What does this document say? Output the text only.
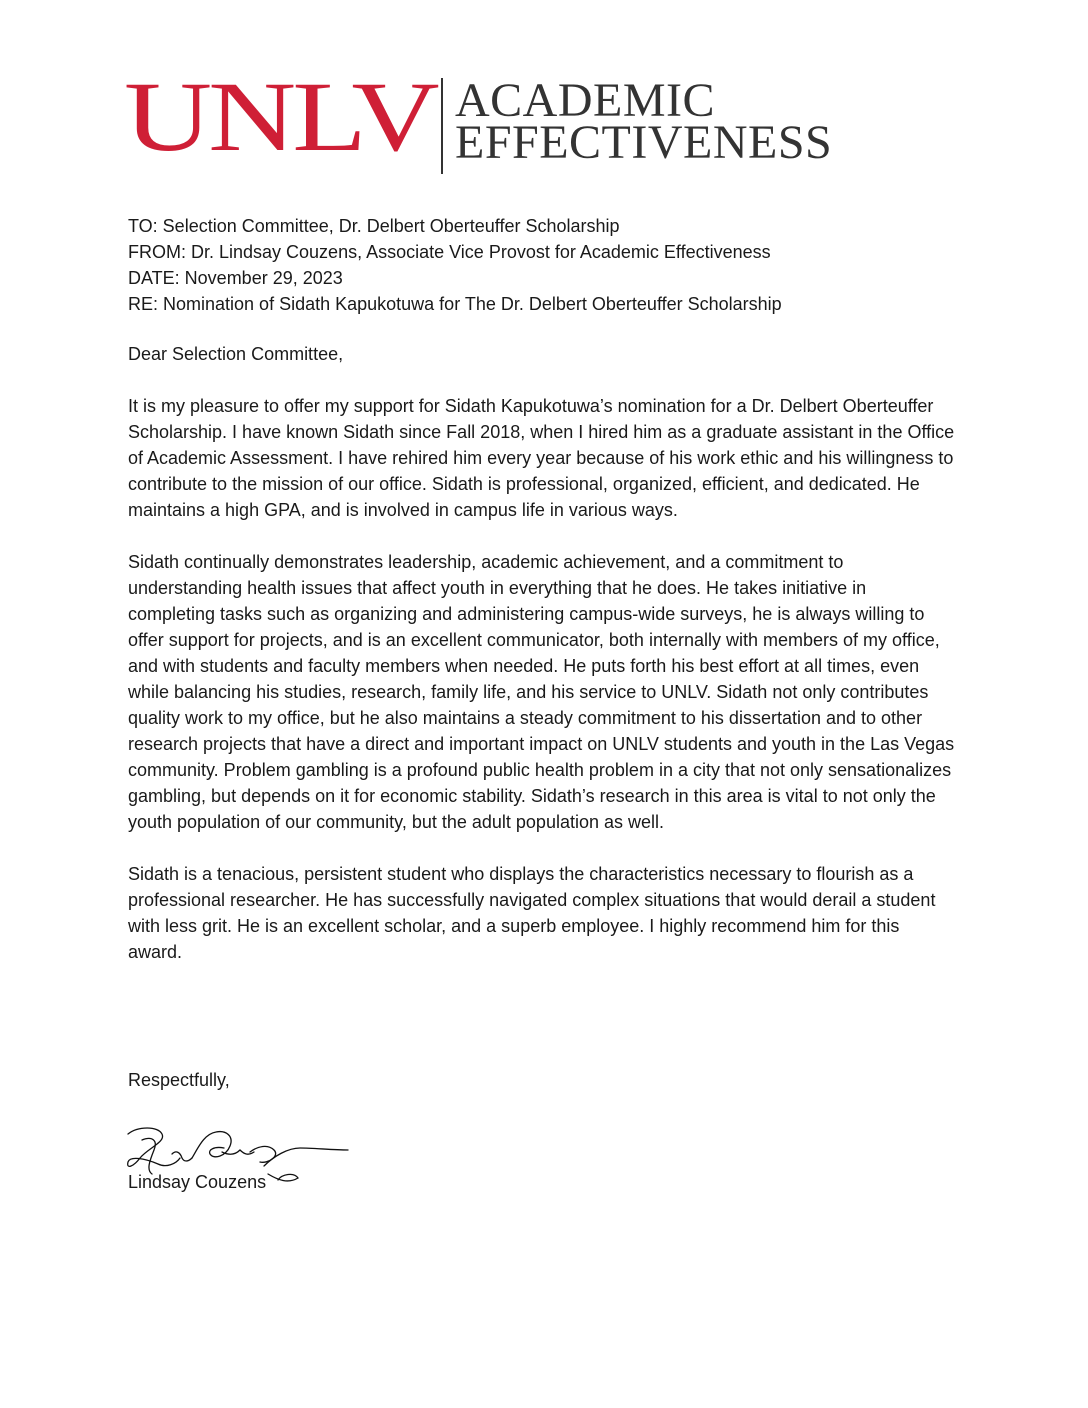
UNLV ACADEMIC
EFFECTIVENESS
TO: Selection Committee, Dr. Delbert Oberteuffer Scholarship
FROM: Dr. Lindsay Couzens, Associate Vice Provost for Academic Effectiveness
DATE: November 29, 2023
RE: Nomination of Sidath Kapukotuwa for The Dr. Delbert Oberteuffer Scholarship

Dear Selection Committee,

It is my pleasure to offer my support for Sidath Kapukotuwa’s nomination for a Dr. Delbert Oberteuffer Scholarship. I have known Sidath since Fall 2018, when I hired him as a graduate assistant in the Office of Academic Assessment. I have rehired him every year because of his work ethic and his willingness to contribute to the mission of our office. Sidath is professional, organized, efficient, and dedicated. He maintains a high GPA, and is involved in campus life in various ways.

Sidath continually demonstrates leadership, academic achievement, and a commitment to understanding health issues that affect youth in everything that he does. He takes initiative in completing tasks such as organizing and administering campus-wide surveys, he is always willing to offer support for projects, and is an excellent communicator, both internally with members of my office, and with students and faculty members when needed. He puts forth his best effort at all times, even while balancing his studies, research, family life, and his service to UNLV. Sidath not only contributes quality work to my office, but he also maintains a steady commitment to his dissertation and to other research projects that have a direct and important impact on UNLV students and youth in the Las Vegas community. Problem gambling is a profound public health problem in a city that not only sensationalizes gambling, but depends on it for economic stability. Sidath’s research in this area is vital to not only the youth population of our community, but the adult population as well.

Sidath is a tenacious, persistent student who displays the characteristics necessary to flourish as a professional researcher. He has successfully navigated complex situations that would derail a student with less grit. He is an excellent scholar, and a superb employee. I highly recommend him for this award.

Respectfully,
Lindsay Couzens
